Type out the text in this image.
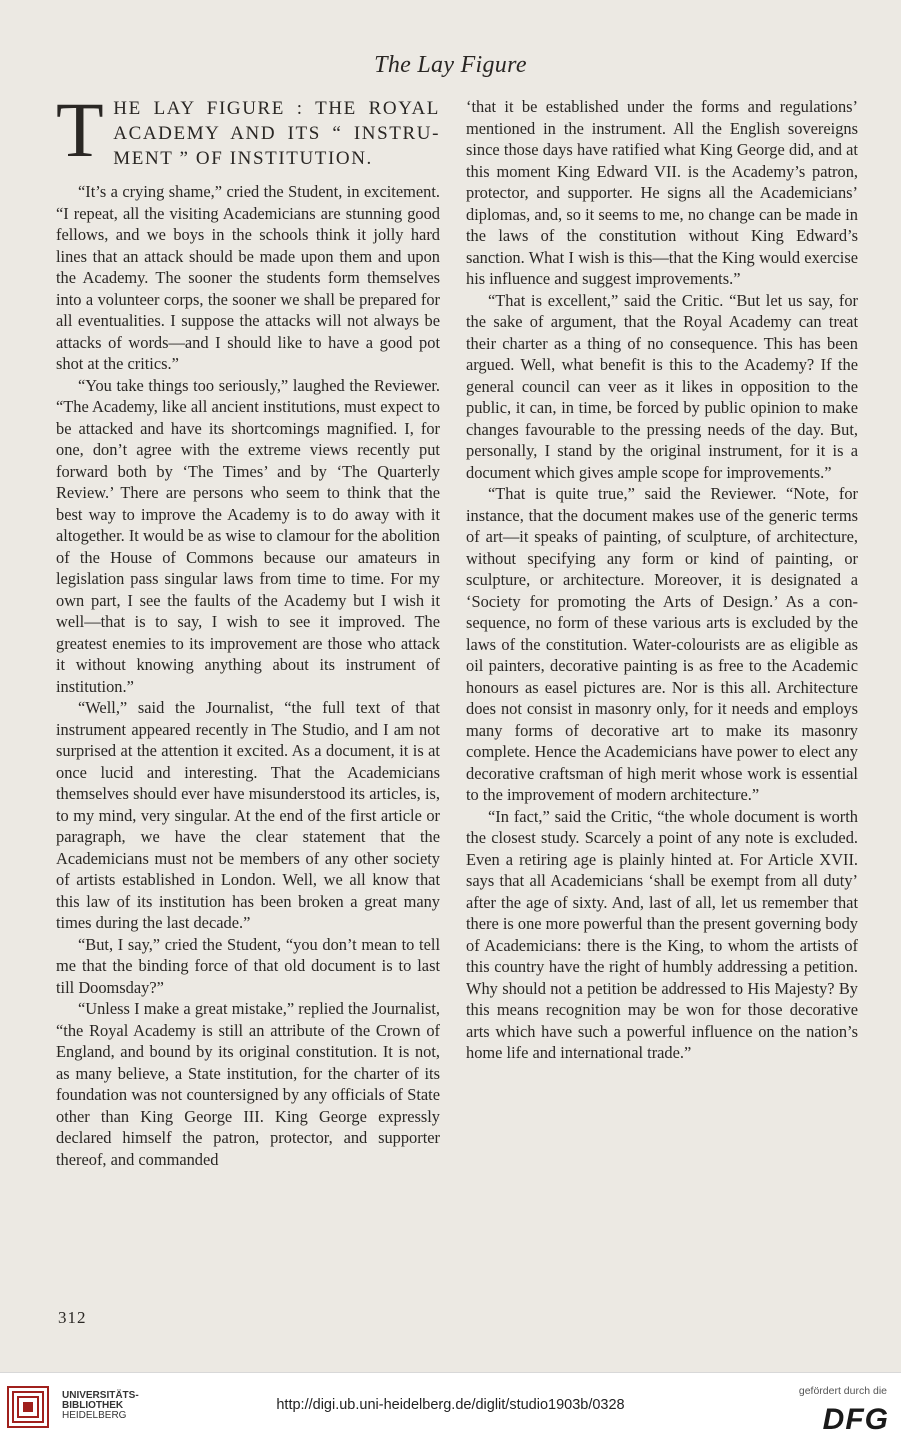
The Lay Figure
T HE LAY FIGURE : THE ROYAL ACADEMY AND ITS “ INSTRU- MENT ” OF INSTITUTION.

“It’s a crying shame,” cried the Student, in excitement. “I repeat, all the visiting Academicians are stunning good fellows, and we boys in the schools think it jolly hard lines that an attack should be made upon them and upon the Academy. The sooner the students form themselves into a volunteer corps, the sooner we shall be prepared for all eventualities. I suppose the attacks will not always be attacks of words—and I should like to have a good pot shot at the critics.”

“You take things too seriously,” laughed the Reviewer. “The Academy, like all ancient institutions, must expect to be attacked and have its shortcomings magnified. I, for one, don’t agree with the extreme views recently put forward both by ‘The Times’ and by ‘The Quarterly Review.’ There are persons who seem to think that the best way to improve the Academy is to do away with it altogether. It would be as wise to clamour for the abolition of the House of Commons because our amateurs in legislation pass singular laws from time to time. For my own part, I see the faults of the Academy but I wish it well—that is to say, I wish to see it improved. The greatest enemies to its improvement are those who attack it without knowing anything about its instrument of institution.”

“Well,” said the Journalist, “the full text of that instrument appeared recently in The Studio, and I am not surprised at the attention it excited. As a document, it is at once lucid and interesting. That the Academicians themselves should ever have misunderstood its articles, is, to my mind, very singular. At the end of the first article or paragraph, we have the clear statement that the Academicians must not be members of any other society of artists established in London. Well, we all know that this law of its institution has been broken a great many times during the last decade.”

“But, I say,” cried the Student, “you don’t mean to tell me that the binding force of that old document is to last till Doomsday?”

“Unless I make a great mistake,” replied the Journalist, “the Royal Academy is still an attribute of the Crown of England, and bound by its original constitution. It is not, as many believe, a State institution, for the charter of its foundation was not countersigned by any officials of State other than King George III. King George expressly declared himself the patron, protector, and supporter thereof, and commanded

‘that it be established under the forms and regulations’ mentioned in the instrument. All the English sovereigns since those days have ratified what King George did, and at this moment King Edward VII. is the Academy’s patron, protector, and supporter. He signs all the Academicians’ diplomas, and, so it seems to me, no change can be made in the laws of the constitution without King Edward’s sanction. What I wish is this—that the King would exercise his influence and suggest improvements.”

“That is excellent,” said the Critic. “But let us say, for the sake of argument, that the Royal Academy can treat their charter as a thing of no consequence. This has been argued. Well, what benefit is this to the Academy? If the general council can veer as it likes in opposition to the public, it can, in time, be forced by public opinion to make changes favourable to the pressing needs of the day. But, personally, I stand by the original instrument, for it is a document which gives ample scope for improvements.”

“That is quite true,” said the Reviewer. “Note, for instance, that the document makes use of the generic terms of art—it speaks of painting, of sculpture, of architecture, without specifying any form or kind of painting, or sculpture, or architecture. Moreover, it is designated a ‘Society for promoting the Arts of Design.’ As a consequence, no form of these various arts is excluded by the laws of the constitution. Water-colourists are as eligible as oil painters, decorative painting is as free to the Academic honours as easel pictures are. Nor is this all. Architecture does not consist in masonry only, for it needs and employs many forms of decorative art to make its masonry complete. Hence the Academicians have power to elect any decorative craftsman of high merit whose work is essential to the improvement of modern architecture.”

“In fact,” said the Critic, “the whole document is worth the closest study. Scarcely a point of any note is excluded. Even a retiring age is plainly hinted at. For Article XVII. says that all Academicians ‘shall be exempt from all duty’ after the age of sixty. And, last of all, let us remember that there is one more powerful than the present governing body of Academicians: there is the King, to whom the artists of this country have the right of humbly addressing a petition. Why should not a petition be addressed to His Majesty? By this means recognition may be won for those decorative arts which have such a powerful influence on the nation’s home life and international trade.”

312
UNIVERSITÄTS-
BIBLIOTHEK
HEIDELBERG
http://digi.ub.uni-heidelberg.de/diglit/studio1903b/0328
gefördert durch die
DFG
